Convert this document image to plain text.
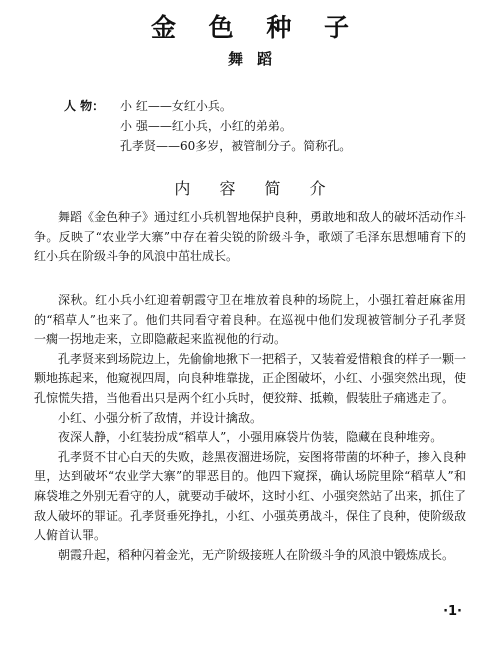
金 色 种 子
舞蹈
人 物：	小 红——女红小兵。
小 强——红小兵，小红的弟弟。
孔孝贤——60多岁，被管制分子。简称孔。
内 容 简 介

舞蹈《金色种子》通过红小兵机智地保护良种，勇敢地和敌人的破坏活动作斗争。反映了“农业学大寨”中存在着尖锐的阶级斗争，歌颂了毛泽东思想哺育下的红小兵在阶级斗争的风浪中茁壮成长。

深秋。红小兵小红迎着朝霞守卫在堆放着良种的场院上，小强扛着赶麻雀用的“稻草人”也来了。他们共同看守着良种。在巡视中他们发现被管制分子孔孝贤一瘸一拐地走来，立即隐蔽起来监视他的行动。

孔孝贤来到场院边上，先偷偷地揪下一把稻子，又装着爱惜粮食的样子一颗一颗地拣起来，他窥视四周，向良种堆靠拢，正企图破坏，小红、小强突然出现，使孔惊慌失措，当他看出只是两个红小兵时，便狡辩、抵赖，假装肚子痛逃走了。

小红、小强分析了敌情，并设计擒敌。

夜深人静，小红装扮成“稻草人”，小强用麻袋片伪装，隐藏在良种堆旁。

孔孝贤不甘心白天的失败，趁黑夜溜进场院，妄图将带菌的坏种子，掺入良种里，达到破坏“农业学大寨”的罪恶目的。他四下窥探，确认场院里除“稻草人”和麻袋堆之外别无看守的人，就要动手破坏，这时小红、小强突然站了出来，抓住了敌人破坏的罪证。孔孝贤垂死挣扎，小红、小强英勇战斗，保住了良种，使阶级敌人俯首认罪。

朝霞升起，稻种闪着金光，无产阶级接班人在阶级斗争的风浪中锻炼成长。

·1·
